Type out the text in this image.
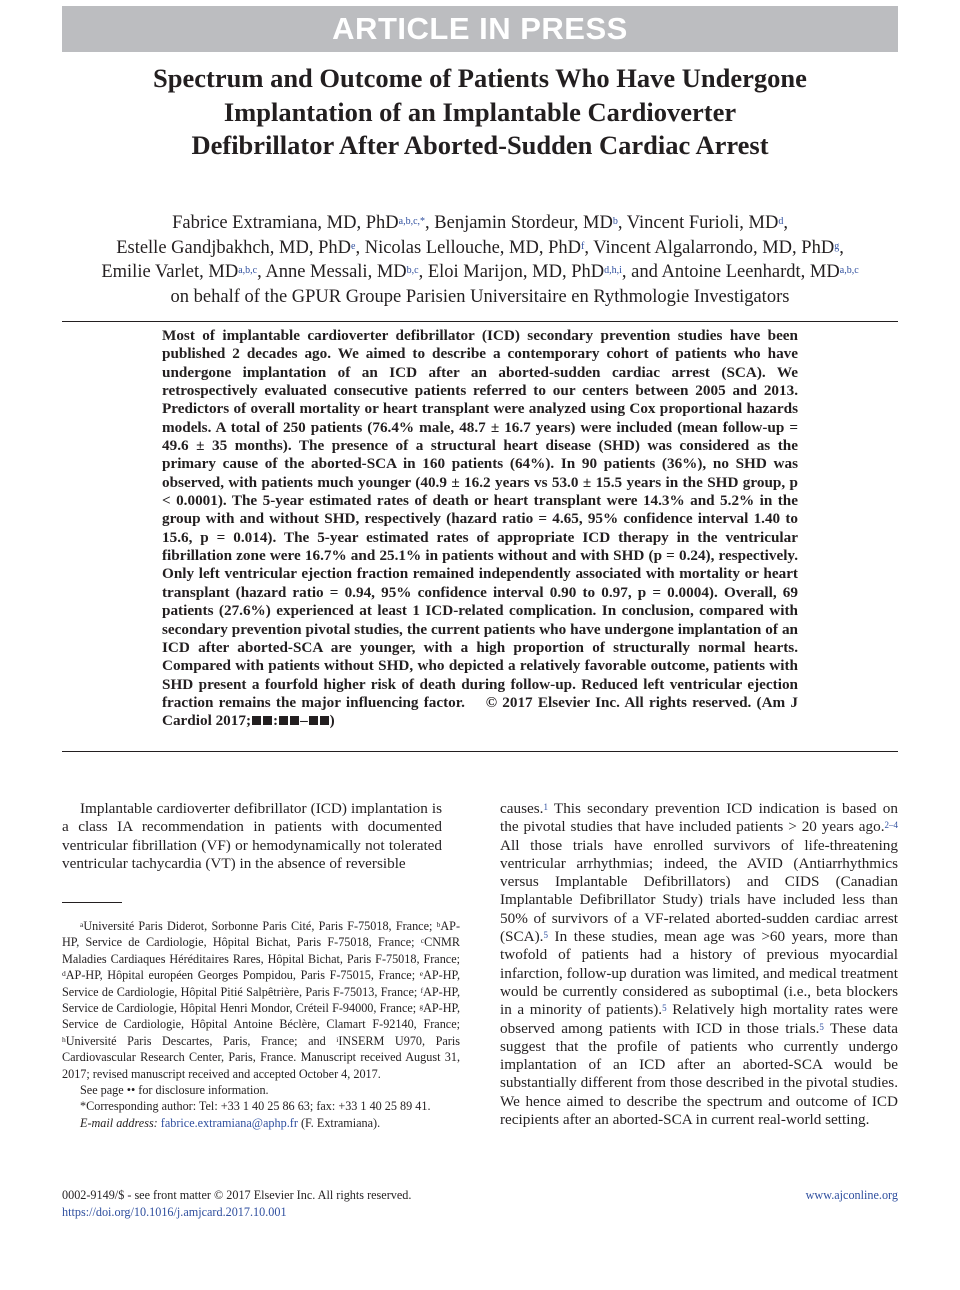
ARTICLE IN PRESS
Spectrum and Outcome of Patients Who Have Undergone Implantation of an Implantable Cardioverter Defibrillator After Aborted-Sudden Cardiac Arrest

Fabrice Extramiana, MD, PhD$^{a,b,c,*}$, Benjamin Stordeur, $MD^b$, Vincent Furioli, $MD^d$,
Estelle Gandjbakhch, MD, PhD$^e$, Nicolas Lellouche, MD, PhD$^f$, Vincent Algalarrondo, MD, PhD$^g$,
Emilie Varlet, MD$^{a,b,c}$, Anne Messali, MD$^{b,c}$, Eloi Marijon, MD, PhD$^{d,h,i}$, and Antoine Leenhardt, MD$^{a,b,c}$
on behalf of the GPUR Groupe Parisien Universitaire en Rythmologie Investigators

Most of implantable cardioverter defibrillator (ICD) secondary prevention studies have been published 2 decades ago. We aimed to describe a contemporary cohort of patients who have undergone implantation of an ICD after an aborted-sudden cardiac arrest (SCA). We retrospectively evaluated consecutive patients referred to our centers between 2005 and 2013. Predictors of overall mortality or heart transplant were analyzed using Cox proportional hazards models. A total of 250 patients (76.4% male, 48.7 ± 16.7 years) were included (mean follow-up = 49.6 ± 35 months). The presence of a structural heart disease (SHD) was considered as the primary cause of the aborted-SCA in 160 patients (64%). In 90 patients (36%), no SHD was observed, with patients much younger (40.9 ± 16.2 years vs 53.0 ± 15.5 years in the SHD group, p < 0.0001). The 5-year estimated rates of death or heart transplant were 14.3% and 5.2% in the group with and without SHD, respectively (hazard ratio = 4.65, 95% confidence interval 1.40 to 15.6, p = 0.014). The 5-year estimated rates of appropriate ICD therapy in the ventricular fibrillation zone were 16.7% and 25.1% in patients without and with SHD (p = 0.24), respectively. Only left ventricular ejection fraction remained independently associated with mortality or heart transplant (hazard ratio = 0.94, 95% confidence interval 0.90 to 0.97, p = 0.0004). Overall, 69 patients (27.6%) experienced at least 1 ICD-related complication. In conclusion, compared with secondary prevention pivotal studies, the current patients who have undergone implantation of an ICD after aborted-SCA are younger, with a high proportion of structurally normal hearts. Compared with patients without SHD, who depicted a relatively favorable outcome, patients with SHD present a fourfold higher risk of death during follow-up. Reduced left ventricular ejection fraction remains the major influencing factor. © 2017 Elsevier Inc. All rights reserved. (Am J Cardiol 2017; : – )

Implantable cardioverter defibrillator (ICD) implantation is a class IA recommendation in patients with documented ventricular fibrillation (VF) or hemodynamically not tolerated ventricular tachycardia (VT) in the absence of reversible

$^a$Université Paris Diderot, Sorbonne Paris Cité, Paris F-75018, France; $^b$AP-HP, Service de Cardiologie, Hôpital Bichat, Paris F-75018, France; $^c$CNMR Maladies Cardiaques Héréditaires Rares, Hôpital Bichat, Paris F-75018, France; $^d$AP-HP, Hôpital européen Georges Pompidou, Paris F-75015, France; $^e$AP-HP, Service de Cardiologie, Hôpital Pitié Salpêtrière, Paris F-75013, France; $^f$AP-HP, Service de Cardiologie, Hôpital Henri Mondor, Créteil F-94000, France; $^g$AP-HP, Service de Cardiologie, Hôpital Antoine Béclère, Clamart F-92140, France; $^h$Université Paris Descartes, Paris, France; and $^i$INSERM U970, Paris Cardiovascular Research Center, Paris, France. Manuscript received August 31, 2017; revised manuscript received and accepted October 4, 2017.

See page •• for disclosure information.

*Corresponding author: Tel: +33 1 40 25 86 63; fax: +33 1 40 25 89 41.

E-mail address: fabrice.extramiana@aphp.fr (F. Extramiana).

causes.$^1$ This secondary prevention ICD indication is based on the pivotal studies that have included patients > 20 years ago.$^{2-4}$ All those trials have enrolled survivors of life-threatening ventricular arrhythmias; indeed, the AVID (Antiarrhythmics versus Implantable Defibrillators) and CIDS (Canadian Implantable Defibrillator Study) trials have included less than 50% of survivors of a VF-related aborted-sudden cardiac arrest (SCA).$^5$ In these studies, mean age was >60 years, more than twofold of patients had a history of previous myocardial infarction, follow-up duration was limited, and medical treatment would be currently considered as suboptimal (i.e., beta blockers in a minority of patients).$^5$ Relatively high mortality rates were observed among patients with ICD in those trials.$^5$ These data suggest that the profile of patients who currently undergo implantation of an ICD after an aborted-SCA would be substantially different from those described in the pivotal studies. We hence aimed to describe the spectrum and outcome of ICD recipients after an aborted-SCA in current real-world setting.

0002-9149/$ - see front matter © 2017 Elsevier Inc. All rights reserved.
https://doi.org/10.1016/j.amjcard.2017.10.001

www.ajconline.org
